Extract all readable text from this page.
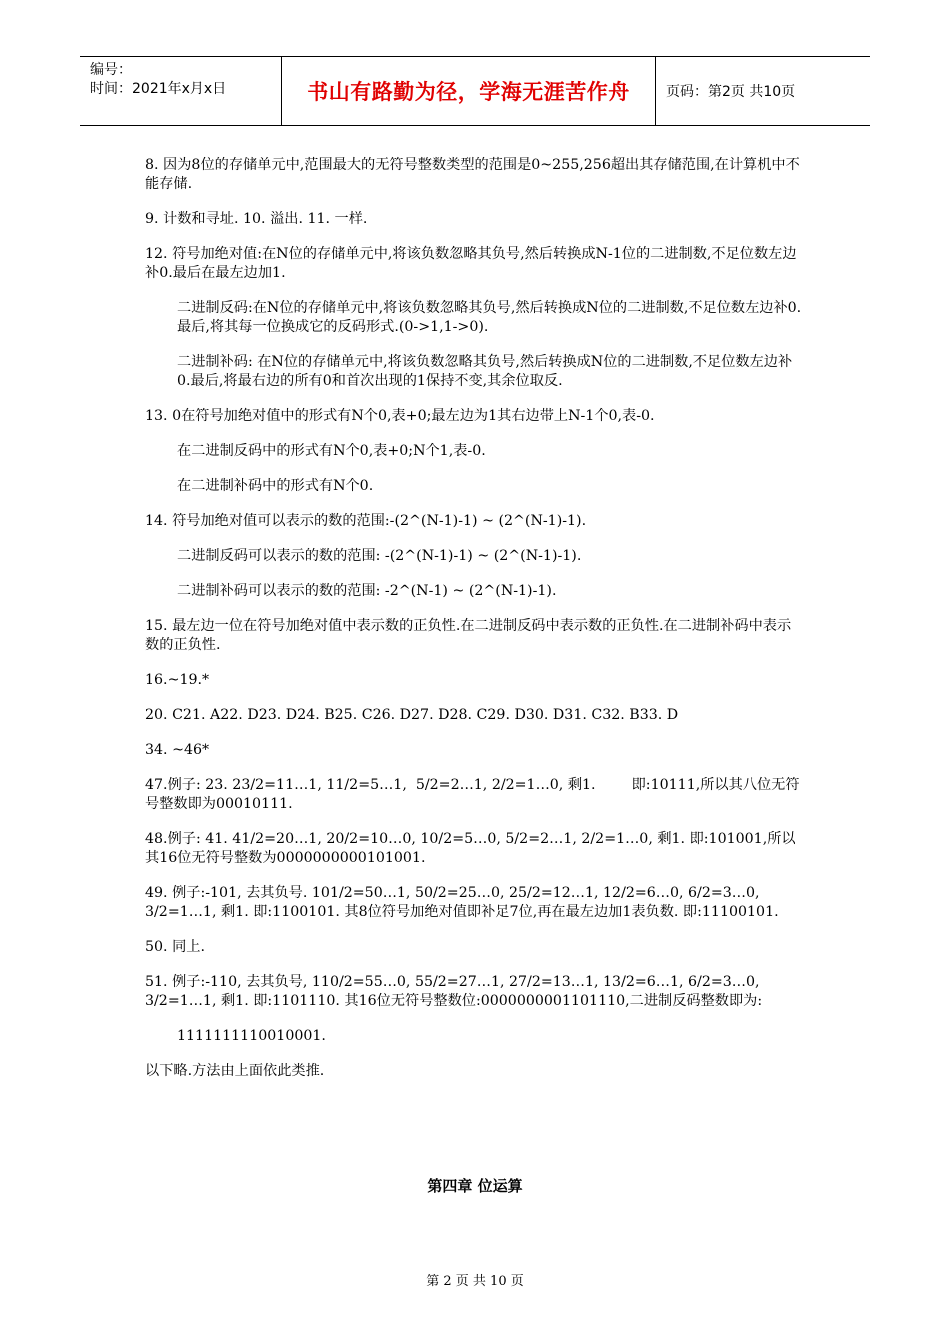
编号：
时间：2021年x月x日	书山有路勤为径，学海无涯苦作舟	页码：第2页 共10页

8. 因为8位的存储单元中,范围最大的无符号整数类型的范围是0~255,256超出其存储范围,在计算机中不能存储.

9. 计数和寻址. 10. 溢出. 11. 一样.

12. 符号加绝对值:在N位的存储单元中,将该负数忽略其负号,然后转换成N-1位的二进制数,不足位数左边补0.最后在最左边加1.

二进制反码:在N位的存储单元中,将该负数忽略其负号,然后转换成N位的二进制数,不足位数左边补0.最后,将其每一位换成它的反码形式.(0->1,1->0).

二进制补码: 在N位的存储单元中,将该负数忽略其负号,然后转换成N位的二进制数,不足位数左边补0.最后,将最右边的所有0和首次出现的1保持不变,其余位取反.

13. 0在符号加绝对值中的形式有N个0,表+0;最左边为1其右边带上N-1个0,表-0.

在二进制反码中的形式有N个0,表+0;N个1,表-0.

在二进制补码中的形式有N个0.

14. 符号加绝对值可以表示的数的范围:-(2^(N-1)-1) ~ (2^(N-1)-1).

二进制反码可以表示的数的范围: -(2^(N-1)-1) ~ (2^(N-1)-1).

二进制补码可以表示的数的范围: -2^(N-1) ~ (2^(N-1)-1).

15. 最左边一位在符号加绝对值中表示数的正负性.在二进制反码中表示数的正负性.在二进制补码中表示数的正负性.

16.~19.*

20. C21. A22. D23. D24. B25. C26. D27. D28. C29. D30. D31. C32. B33. D

34. ~46*

47.例子: 23. 23/2=11…1, 11/2=5…1,  5/2=2…1, 2/2=1…0, 剩1.        即:10111,所以其八位无符号整数即为00010111.

48.例子: 41. 41/2=20…1, 20/2=10…0, 10/2=5…0, 5/2=2…1, 2/2=1…0, 剩1. 即:101001,所以其16位无符号整数为0000000000101001.

49. 例子:-101, 去其负号. 101/2=50…1, 50/2=25…0, 25/2=12…1, 12/2=6…0, 6/2=3…0, 3/2=1…1, 剩1. 即:1100101. 其8位符号加绝对值即补足7位,再在最左边加1表负数. 即:11100101.

50. 同上.

51. 例子:-110, 去其负号, 110/2=55…0, 55/2=27…1, 27/2=13…1, 13/2=6…1, 6/2=3…0, 3/2=1…1, 剩1. 即:1101110. 其16位无符号整数位:0000000001101110,二进制反码整数即为:

1111111110010001.

以下略.方法由上面依此类推.

第四章 位运算
第 2 页 共 10 页
